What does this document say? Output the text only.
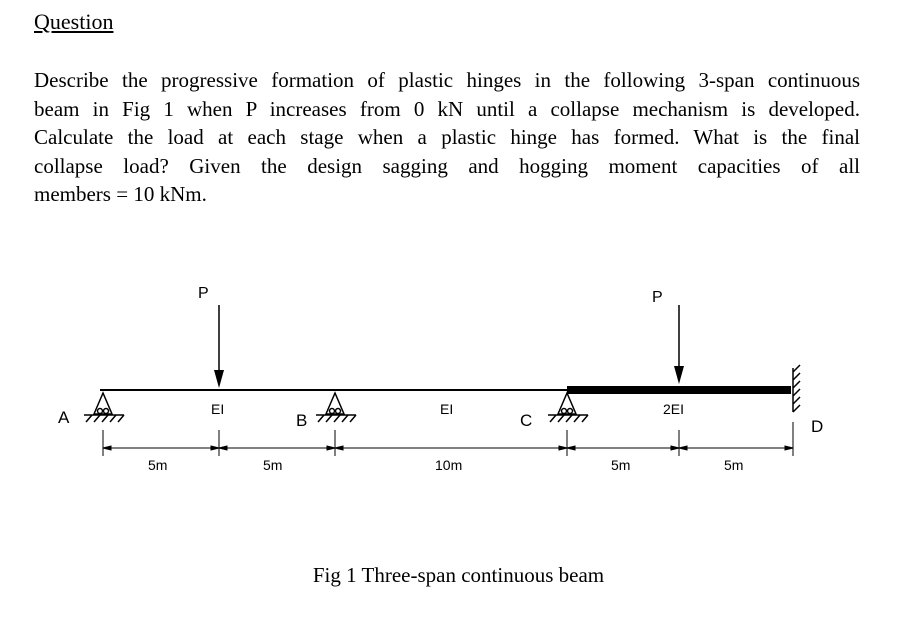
Question
Describe the progressive formation of plastic hinges in the following 3-span continuous
beam in Fig 1 when P increases from 0 kN until a collapse mechanism is developed.
Calculate the load at each stage when a plastic hinge has formed. What is the final
collapse load? Given the design sagging and hogging moment capacities of all
members = 10 kNm.
A	B	C	D
P	P
EI	EI	2EI
5m	5m	10m	5m	5m
Fig 1 Three-span continuous beam
